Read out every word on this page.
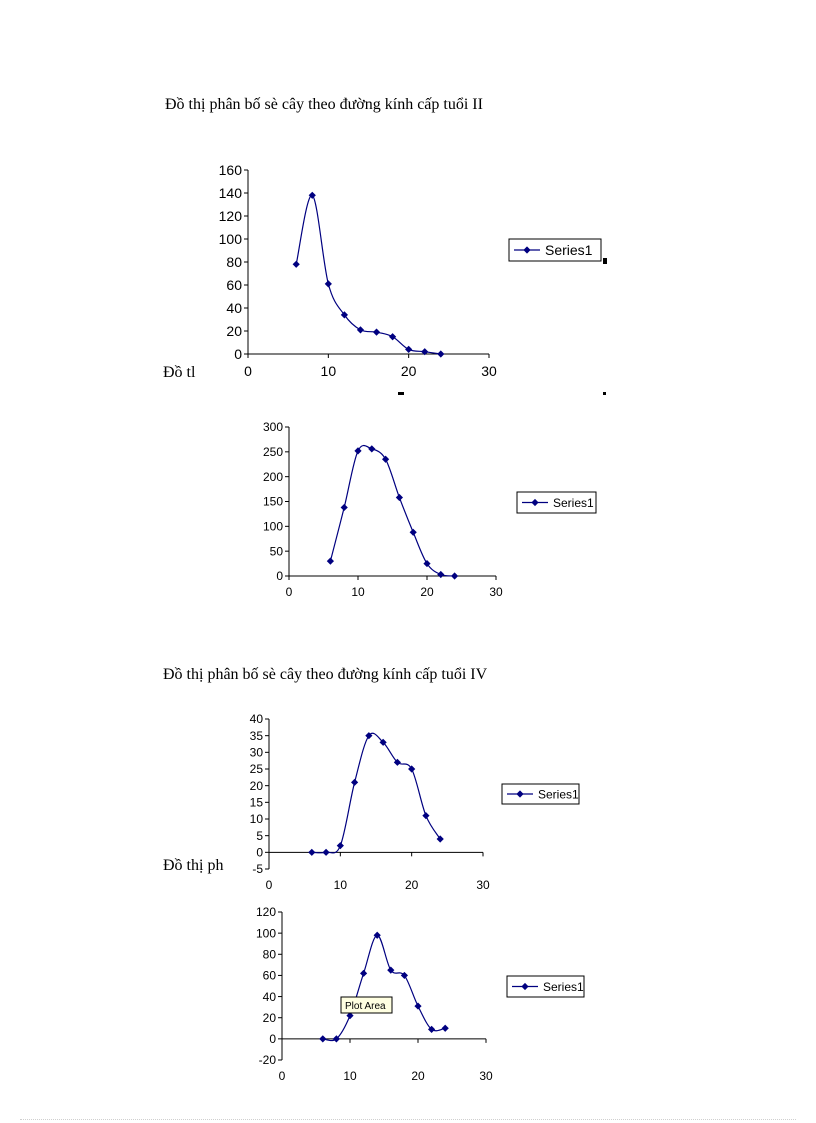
Đồ thị phân bố sè cây theo đường kính cấp tuổi II
Đồ tl
Đồ thị phân bố sè cây theo đường kính cấp tuổi IV
Đồ thị ph
0
20
40
60
80
100
120
140
160
0	10	20	30
Series1
0
50
100
150
200
250
300
0	10	20	30
Series1
-5
0
5
10
15
20
25
30
35
40
0	10	20	30
Series1
-20
0
20
40
60
80
100
120
0	10	20	30
Series1
Plot Area
